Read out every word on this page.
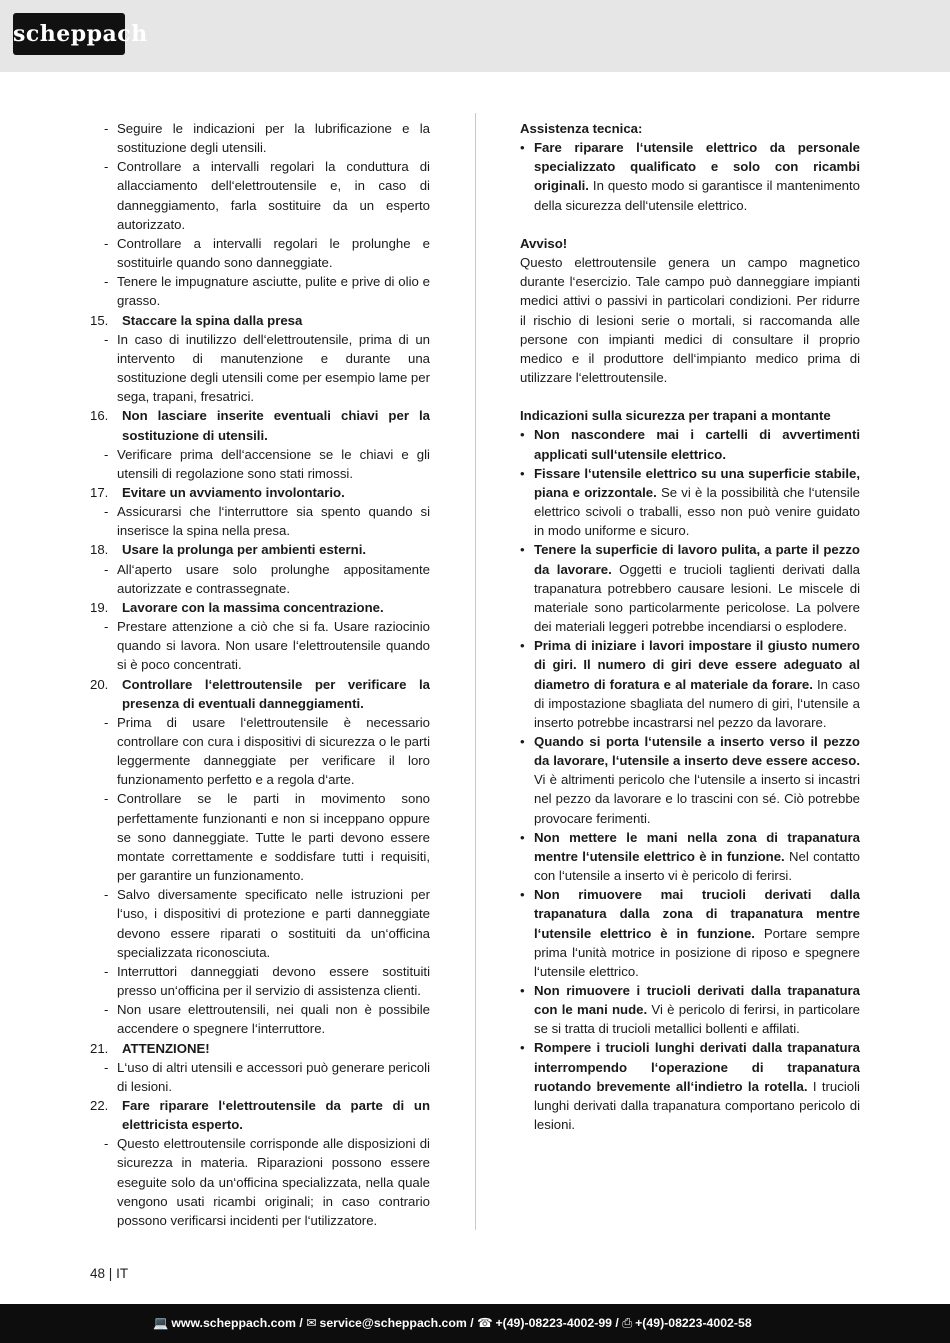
scheppach
- Seguire le indicazioni per la lubrificazione e la sostituzione degli utensili.
- Controllare a intervalli regolari la conduttura di allacciamento dell‘elettroutensile e, in caso di danneggiamento, farla sostituire da un esperto autorizzato.
- Controllare a intervalli regolari le prolunghe e sostituirle quando sono danneggiate.
- Tenere le impugnature asciutte, pulite e prive di olio e grasso.
15. Staccare la spina dalla presa
- In caso di inutilizzo dell‘elettroutensile, prima di un intervento di manutenzione e durante una sostituzione degli utensili come per esempio lame per sega, trapani, fresatrici.
16. Non lasciare inserite eventuali chiavi per la sostituzione di utensili.
- Verificare prima dell‘accensione se le chiavi e gli utensili di regolazione sono stati rimossi.
17. Evitare un avviamento involontario.
- Assicurarsi che l‘interruttore sia spento quando si inserisce la spina nella presa.
18. Usare la prolunga per ambienti esterni.
- All‘aperto usare solo prolunghe appositamente autorizzate e contrassegnate.
19. Lavorare con la massima concentrazione.
- Prestare attenzione a ciò che si fa. Usare raziocinio quando si lavora. Non usare l‘elettroutensile quando si è poco concentrati.
20. Controllare l‘elettroutensile per verificare la presenza di eventuali danneggiamenti.
- Prima di usare l‘elettroutensile è necessario controllare con cura i dispositivi di sicurezza o le parti leggermente danneggiate per verificare il loro funzionamento perfetto e a regola d‘arte.
- Controllare se le parti in movimento sono perfettamente funzionanti e non si inceppano oppure se sono danneggiate. Tutte le parti devono essere montate correttamente e soddisfare tutti i requisiti, per garantire un funzionamento.
- Salvo diversamente specificato nelle istruzioni per l‘uso, i dispositivi di protezione e parti danneggiate devono essere riparati o sostituiti da un‘officina specializzata riconosciuta.
- Interruttori danneggiati devono essere sostituiti presso un‘officina per il servizio di assistenza clienti.
- Non usare elettroutensili, nei quali non è possibile accendere o spegnere l‘interruttore.
21. ATTENZIONE!
- L‘uso di altri utensili e accessori può generare pericoli di lesioni.
22. Fare riparare l‘elettroutensile da parte di un elettricista esperto.
- Questo elettroutensile corrisponde alle disposizioni di sicurezza in materia. Riparazioni possono essere eseguite solo da un‘officina specializzata, nella quale vengono usati ricambi originali; in caso contrario possono verificarsi incidenti per l‘utilizzatore.
Assistenza tecnica:
• Fare riparare l‘utensile elettrico da personale specializzato qualificato e solo con ricambi originali. In questo modo si garantisce il mantenimento della sicurezza dell‘utensile elettrico.
Avviso!
Questo elettroutensile genera un campo magnetico durante l‘esercizio. Tale campo può danneggiare impianti medici attivi o passivi in particolari condizioni. Per ridurre il rischio di lesioni serie o mortali, si raccomanda alle persone con impianti medici di consultare il proprio medico e il produttore dell‘impianto medico prima di utilizzare l‘elettroutensile.
Indicazioni sulla sicurezza per trapani a montante
• Non nascondere mai i cartelli di avvertimenti applicati sull‘utensile elettrico.
• Fissare l‘utensile elettrico su una superficie stabile, piana e orizzontale. Se vi è la possibilità che l‘utensile elettrico scivoli o traballi, esso non può venire guidato in modo uniforme e sicuro.
• Tenere la superficie di lavoro pulita, a parte il pezzo da lavorare. Oggetti e trucioli taglienti derivati dalla trapanatura potrebbero causare lesioni. Le miscele di materiale sono particolarmente pericolose. La polvere dei materiali leggeri potrebbe incendiarsi o esplodere.
• Prima di iniziare i lavori impostare il giusto numero di giri. Il numero di giri deve essere adeguato al diametro di foratura e al materiale da forare. In caso di impostazione sbagliata del numero di giri, l‘utensile a inserto potrebbe incastrarsi nel pezzo da lavorare.
• Quando si porta l‘utensile a inserto verso il pezzo da lavorare, l‘utensile a inserto deve essere acceso. Vi è altrimenti pericolo che l‘utensile a inserto si incastri nel pezzo da lavorare e lo trascini con sé. Ciò potrebbe provocare ferimenti.
• Non mettere le mani nella zona di trapanatura mentre l‘utensile elettrico è in funzione. Nel contatto con l‘utensile a inserto vi è pericolo di ferirsi.
• Non rimuovere mai trucioli derivati dalla trapanatura dalla zona di trapanatura mentre l‘utensile elettrico è in funzione. Portare sempre prima l‘unità motrice in posizione di riposo e spegnere l‘utensile elettrico.
• Non rimuovere i trucioli derivati dalla trapanatura con le mani nude. Vi è pericolo di ferirsi, in particolare se si tratta di trucioli metallici bollenti e affilati.
• Rompere i trucioli lunghi derivati dalla trapanatura interrompendo l‘operazione di trapanatura ruotando brevemente all‘indietro la rotella. I trucioli lunghi derivati dalla trapanatura comportano pericolo di lesioni.
48 | IT
💻 www.scheppach.com / ✉ service@scheppach.com / ☎ +(49)-08223-4002-99 / ⎙ +(49)-08223-4002-58
